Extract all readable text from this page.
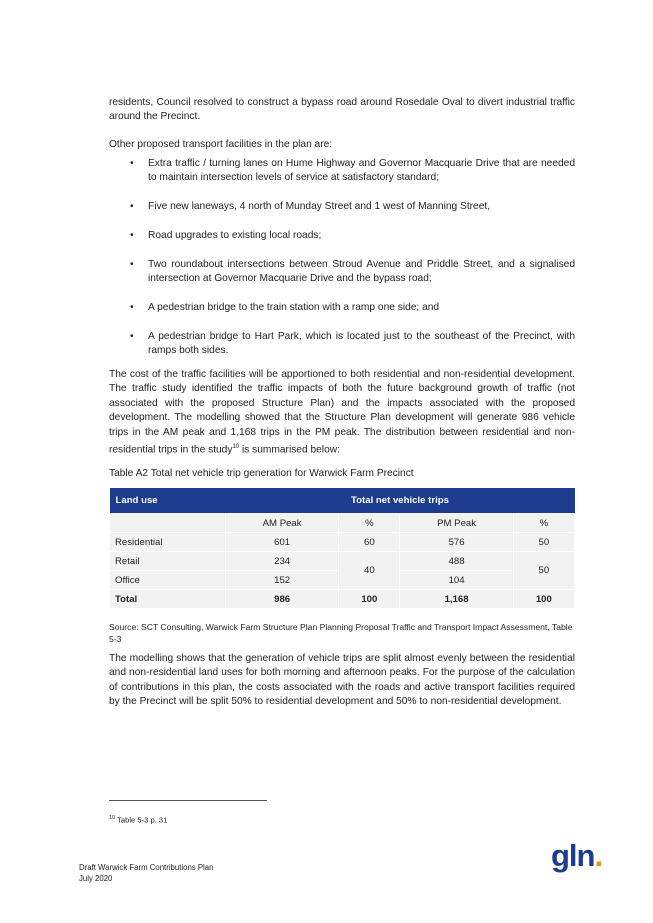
residents, Council resolved to construct a bypass road around Rosedale Oval to divert industrial traffic around the Precinct.

Other proposed transport facilities in the plan are:

• Extra traffic / turning lanes on Hume Highway and Governor Macquarie Drive that are needed to maintain intersection levels of service at satisfactory standard;
• Five new laneways, 4 north of Munday Street and 1 west of Manning Street,
• Road upgrades to existing local roads;
• Two roundabout intersections between Stroud Avenue and Priddle Street, and a signalised intersection at Governor Macquarie Drive and the bypass road;
• A pedestrian bridge to the train station with a ramp one side; and
• A pedestrian bridge to Hart Park, which is located just to the southeast of the Precinct, with ramps both sides.

The cost of the traffic facilities will be apportioned to both residential and non-residential development. The traffic study identified the traffic impacts of both the future background growth of traffic (not associated with the proposed Structure Plan) and the impacts associated with the proposed development. The modelling showed that the Structure Plan development will generate 986 vehicle trips in the AM peak and 1,168 trips in the PM peak. The distribution between residential and non-residential trips in the study$^{10}$ is summarised below:

Table A2 Total net vehicle trip generation for Warwick Farm Precinct
Land use	Total net vehicle trips			
	AM Peak	%	PM Peak	%
Residential	601	60	576	50
Retail	234	40	488	50
Office	152		104	
Total	986	100	1,168	100

Source: SCT Consulting, Warwick Farm Structure Plan Planning Proposal Traffic and Transport Impact Assessment, Table 5-3

The modelling shows that the generation of vehicle trips are split almost evenly between the residential and non-residential land uses for both morning and afternoon peaks. For the purpose of the calculation of contributions in this plan, the costs associated with the roads and active transport facilities required by the Precinct will be split 50% to residential development and 50% to non-residential development.

$^{10}$ Table 5-3 p. 31
Draft Warwick Farm Contributions Plan
July 2020
gln.
